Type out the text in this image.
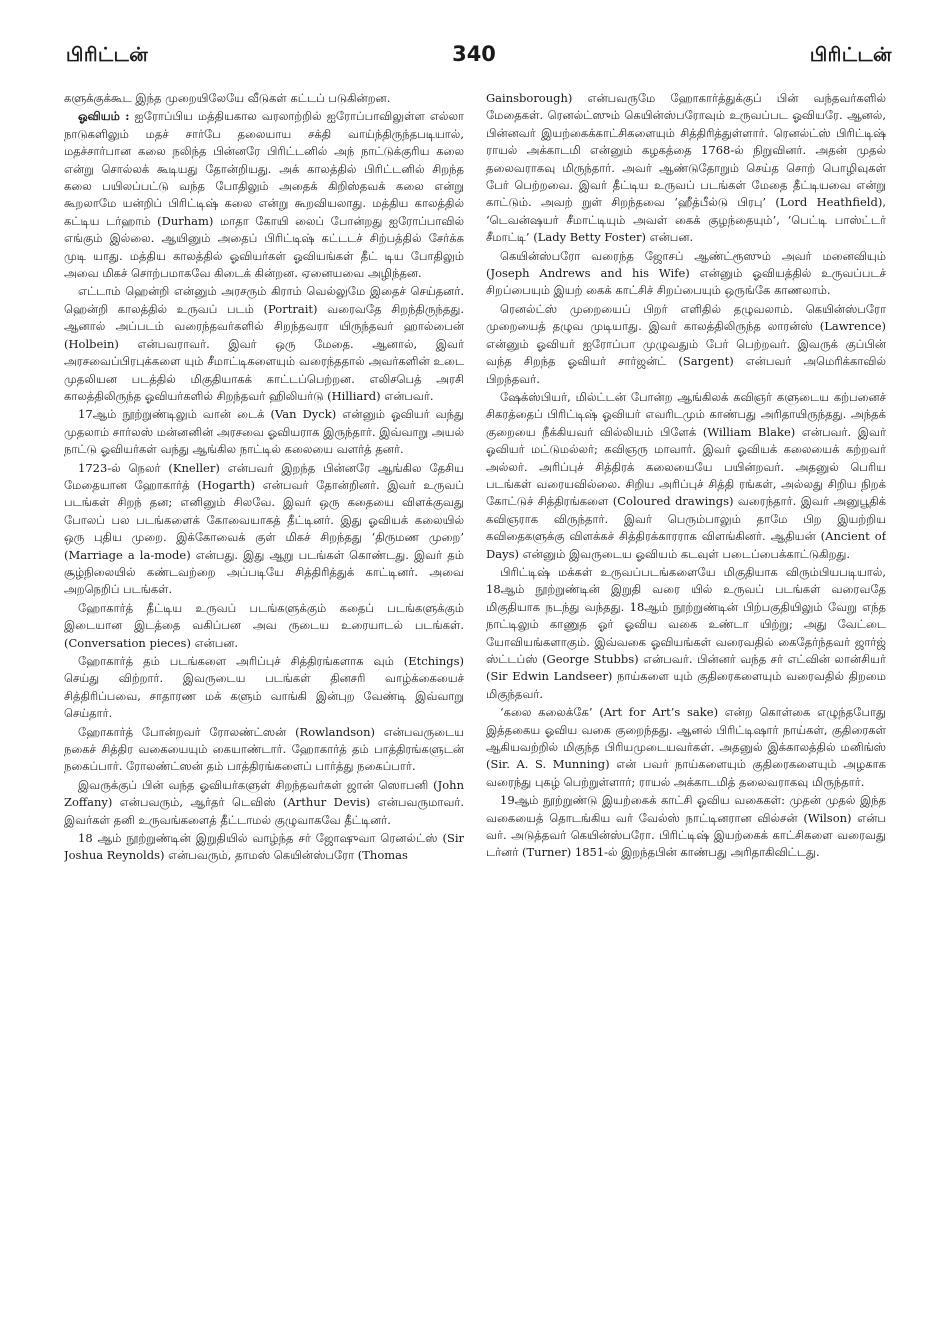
பிரிட்டன்	340	பிரிட்டன்

களுக்குக்கூட இந்த முறையிலேயே வீடுகள் கட்டப் படுகின்றன.

ஓவியம் : ஐரோப்பிய மத்தியகால வரலாற்றில் ஐரோப்பாவிலுள்ள எல்லா நாடுகளிலும் மதச் சார்பே தலையாய சக்தி வாய்ந்திருந்தபடியால், மதச்சார்பான கலை நலிந்த பின்னரே பிரிட்டனில் அந் நாட்டுக்குரிய கலை என்று சொல்லக் கூடியது தோன்றியது. அக் காலத்தில் பிரிட்டனில் சிறந்த கலை பயிலப்பட்டு வந்த போதிலும் அதைக் கிறிஸ்தவக் கலை என்று கூறலாமே யன்றிப் பிரிட்டிஷ் கலை என்று கூறவியலாது. மத்திய காலத்தில் கட்டிய டர்ஹாம் (Durham) மாதா கோயி லைப் போன்றது ஐரோப்பாவில் எங்கும் இல்லை. ஆயினும் அதைப் பிரிட்டிஷ் கட்டடச் சிற்பத்தில் சேர்க்க முடி யாது. மத்திய காலத்தில் ஓவியர்கள் ஓவியங்கள் தீட் டிய போதிலும் அவை மிகச் சொற்பமாகவே கிடைக் கின்றன. ஏனையவை அழிந்தன.

எட்டாம் ஹென்றி என்னும் அரசரும் கிராம் வெல்லுமே இதைச் செய்தனர். ஹென்றி காலத்தில் உருவப் படம் (Portrait) வரைவதே சிறந்திருந்தது. ஆனால் அப்படம் வரைந்தவர்களில் சிறந்தவரா யிருந்தவர் ஹால்பைன் (Holbein) என்பவராவர். இவர் ஒரு மேதை. ஆனால், இவர் அரசவைப்பிரபுக்களை யும் சீமாட்டிகளையும் வரைந்ததால் அவர்களின் உடை முதலியன படத்தில் மிகுதியாகக் காட்டப்பெற்றன. எலிசபெத் அரசி காலத்திலிருந்த ஓவியர்களில் சிறந்தவர் ஹிலியர்டு (Hilliard) என்பவர்.

17ஆம் நூற்றுண்டிலும் வான் டைக் (Van Dyck) என்னும் ஓவியர் வந்து முதலாம் சார்லஸ் மன்னனின் அரசவை ஓவியராக இருந்தார். இவ்வாறு அயல் நாட்டு ஓவியர்கள் வந்து ஆங்கில நாட்டில் கலையை வளர்த் தனர்.

1723-ல் நெலர் (Kneller) என்பவர் இறந்த பின்னரே ஆங்கில தேசிய மேதையான ஹோகார்த் (Hogarth) என்பவர் தோன்றினர். இவர் உருவப் படங்கள் சிறந் தன; எனினும் சிலவே. இவர் ஒரு கதையை விளக்குவது போலப் பல படங்களைக் கோவையாகத் தீட்டினர். இது ஓவியக் கலையில் ஒரு புதிய முறை. இக்கோவைக் குள் மிகச் சிறந்தது ‘திருமண முறை’ (Marriage a la-mode) என்பது. இது ஆறு படங்கள் கொண்டது. இவர் தம் சூழ்நிலையில் கண்டவற்றை அப்படியே சித்திரித்துக் காட்டினர். அவை அறநெறிப் படங்கள்.

ஹோகார்த் தீட்டிய உருவப் படங்களுக்கும் கதைப் படங்களுக்கும் இடையான இடத்தை வகிப்பன அவ ருடைய உரையாடல் படங்கள். (Conversation pieces) என்பன.

ஹோகார்த் தம் படங்களை அரிப்புச் சித்திரங்களாக வும் (Etchings) செய்து விற்றார். இவருடைய படங்கள் தினசரி வாழ்க்கையைச் சித்திரிப்பவை, சாதாரண மக் களும் வாங்கி இன்புற வேண்டி இவ்வாறு செய்தார்.

ஹோகார்த் போன்றவர் ரோலண்ட்ஸன் (Rowlandson) என்பவருடைய நகைச் சித்திர வகையையும் கையாண்டார். ஹோகார்த் தம் பாத்திரங்களுடன் நகைப்பார். ரோலண்ட்ஸன் தம் பாத்திரங்களைப் பார்த்து நகைப்பார்.

இவருக்குப் பின் வந்த ஓவியர்களுள் சிறந்தவர்கள் ஜான் ஸொபனி (John Zoffany) என்பவரும், ஆர்தர் டெவிஸ் (Arthur Devis) என்பவருமாவர். இவர்கள் தனி உருவங்களைத் தீட்டாமல் குழுவாகவே தீட்டினர்.

18 ஆம் நூற்றுண்டின் இறுதியில் வாழ்ந்த சர் ஜோஷுவா ரெனல்ட்ஸ் (Sir Joshua Reynolds) என்பவரும், தாமஸ் கெயின்ஸ்பரோ (Thomas

Gainsborough) என்பவருமே ஹோகார்த்துக்குப் பின் வந்தவர்களில் மேதைகள். ரெனல்ட்ஸும் கெயின்ஸ்பரோவும் உருவப்பட ஓவியரே. ஆனல், பின்னவர் இயற்கைக்காட்சிகளையும் சித்திரித்துள்ளார். ரெனல்ட்ஸ் பிரிட்டிஷ் ராயல் அக்காடமி என்னும் கழகத்தை 1768-ல் நிறுவினர். அதன் முதல் தலைவராகவு மிருந்தார். அவர் ஆண்டுதோறும் செய்த சொற் பொழிவுகள் பேர் பெற்றவை. இவர் தீட்டிய உருவப் படங்கள் மேதை தீட்டியவை என்று காட்டும். அவற் றுள் சிறந்தவை ‘ஹீத்பீல்டு பிரபு’ (Lord Heathfield), ‘டெவன்ஷயர் சீமாட்டியும் அவள் கைக் குழந்தையும்’, ‘பெட்டி பாஸ்ட்டர் சீமாட்டி’ (Lady Betty Foster) என்பன.

கெயின்ஸ்பரோ வரைந்த ஜோசப் ஆண்ட்ரூஸும் அவர் மனைவியும் (Joseph Andrews and his Wife) என்னும் ஓவியத்தில் உருவப்படச் சிறப்பையும் இயற் கைக் காட்சிச் சிறப்பையும் ஒருங்கே காணலாம்.

ரெனல்ட்ஸ் முறையைப் பிறர் எளிதில் தழுவலாம். கெயின்ஸ்பரோ முறையைத் தழுவ முடியாது. இவர் காலத்திலிருந்த லாரன்ஸ் (Lawrence) என்னும் ஓவியர் ஐரோப்பா முழுவதும் பேர் பெற்றவர். இவருக் குப்பின் வந்த சிறந்த ஓவியர் சார்ஜன்ட் (Sargent) என்பவர் அமெரிக்காவில் பிறந்தவர்.

ஷேக்ஸ்பியர், மில்ட்டன் போன்ற ஆங்கிலக் கவிஞர் களுடைய கற்பனைச் சிகரத்தைப் பிரிட்டிஷ் ஓவியர் எவரிடமும் காண்பது அரிதாயிருந்தது. அந்தக் குறையை நீக்கியவர் வில்லியம் பிளேக் (William Blake) என்பவர். இவர் ஓவியர் மட்டுமல்லர்; கவிஞரு மாவார். இவர் ஓவியக் கலையைக் கற்றவர் அல்லர். அரிப்புச் சித்திரக் கலையையே பயின்றவர். அதனுல் பெரிய படங்கள் வரையவில்லை. சிறிய அரிப்புச் சித்தி ரங்கள், அல்லது சிறிய நிறக் கோட்டுச் சித்திரங்களை (Coloured drawings) வரைந்தார். இவர் அனுபூதிக் கவிஞராக விருந்தார். இவர் பெரும்பாலும் தாமே பிற இயற்றிய கவிதைகளுக்கு விளக்கச் சித்திரக்காரராக விளங்கினர். ஆதியன் (Ancient of Days) என்னும் இவருடைய ஓவியம் கடவுள் படைப்பைக்காட்டுகிறது.

பிரிட்டிஷ் மக்கள் உருவப்படங்களையே மிகுதியாக விரும்பியபடியால், 18ஆம் நூற்றுண்டின் இறுதி வரை யில் உருவப் படங்கள் வரைவதே மிகுதியாக நடந்து வந்தது. 18ஆம் நூற்றுண்டின் பிற்பகுதியிலும் வேறு எந்த நாட்டிலும் காணுத ஓர் ஓவிய வகை உண்டா யிற்று; அது வேட்டை யோவியங்களாகும். இவ்வகை ஓவியங்கள் வரைவதில் கைதேர்ந்தவர் ஜார்ஜ் ஸ்ட்டப்ஸ் (George Stubbs) என்பவர். பின்னர் வந்த சர் எட்வின் லான்சியர் (Sir Edwin Landseer) நாய்களை யும் குதிரைகளையும் வரைவதில் திறமை மிகுந்தவர்.

‘கலை கலைக்கே’ (Art for Art’s sake) என்ற கொள்கை எழுந்தபோது இத்தகைய ஓவிய வகை குறைந்தது. ஆனல் பிரிட்டிஷார் நாய்கள், குதிரைகள் ஆகியவற்றில் மிகுந்த பிரியமுடையவர்கள். அதனுல் இக்காலத்தில் மனிங்ஸ் (Sir. A. S. Munning) என் பவர் நாய்களையும் குதிரைகளையும் அழகாக வரைந்து புகழ் பெற்றுள்ளார்; ராயல் அக்காடமித் தலைவராகவு மிருந்தார்.

19ஆம் நூற்றுண்டு இயற்கைக் காட்சி ஓவிய வகைகள்: முதன் முதல் இந்த வகையைத் தொடங்கிய வர் வேல்ஸ் நாட்டினரான வில்சன் (Wilson) என்ப வர். அடுத்தவர் கெயின்ஸ்பரோ. பிரிட்டிஷ் இயற்கைக் காட்சிகளை வரைவது டர்னர் (Turner) 1851-ல் இறந்தபின் காண்பது அரிதாகிவிட்டது.
